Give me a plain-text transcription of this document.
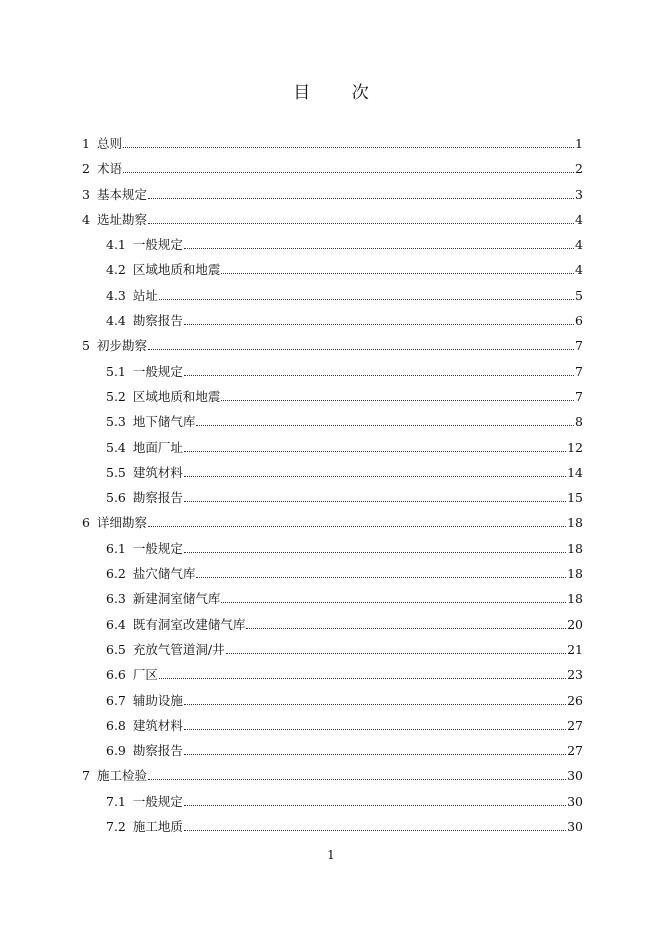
目 次
1 总则	1
2 术语	2
3 基本规定	3
4 选址勘察	4
4.1 一般规定	4
4.2 区域地质和地震	4
4.3 站址	5
4.4 勘察报告	6
5 初步勘察	7
5.1 一般规定	7
5.2 区域地质和地震	7
5.3 地下储气库	8
5.4 地面厂址	12
5.5 建筑材料	14
5.6 勘察报告	15
6 详细勘察	18
6.1 一般规定	18
6.2 盐穴储气库	18
6.3 新建洞室储气库	18
6.4 既有洞室改建储气库	20
6.5 充放气管道洞/井	21
6.6 厂区	23
6.7 辅助设施	26
6.8 建筑材料	27
6.9 勘察报告	27
7 施工检验	30
7.1 一般规定	30
7.2 施工地质	30
1
